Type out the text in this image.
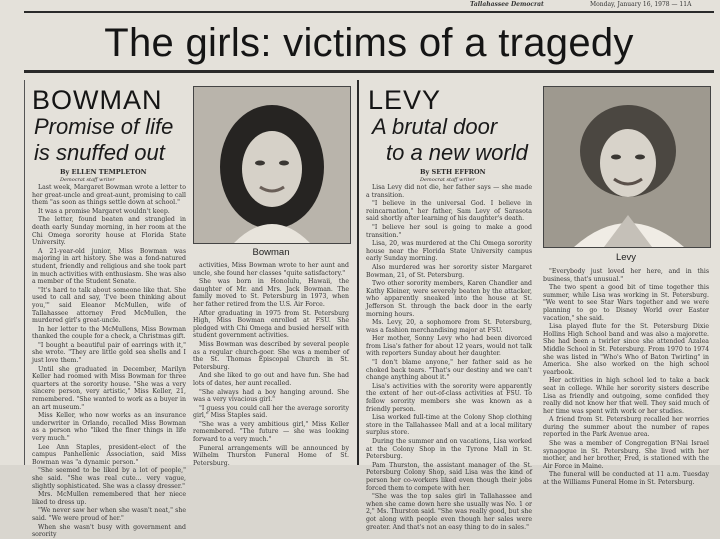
Tallahassee Democrat	Monday, January 16, 1978 — 11A
The girls: victims of a tragedy
BOWMAN
Promise of life
is snuffed out
By ELLEN TEMPLETON
Democrat staff writer

Last week, Margaret Bowman wrote a letter to her great-uncle and great-aunt, promising to call them "as soon as things settle down at school."

It was a promise Margaret wouldn't keep.

The letter, found beaten and strangled in death early Sunday morning, in her room at the Chi Omega sorority house at Florida State University.

A 21-year-old junior, Miss Bowman was majoring in art history. She was a fond-natured student, friendly and religious and she took part in much activities with enthusiasm. She was also a member of the Student Senate.

"It's hard to talk about someone like that. She used to call and say, 'I've been thinking about you,'" said Eleanor McMullen, wife of Tallahassee attorney Fred McMullen, the murdered girl's great-uncle.

In her letter to the McMullens, Miss Bowman thanked the couple for a check, a Christmas gift.

"I bought a beautiful pair of earrings with it," she wrote. "They are little gold sea shells and I just love them."

Until she graduated in December, Marilyn Keller had roomed with Miss Bowman for three quarters at the sorority house. "She was a very sincere person, very artistic," Miss Keller, 21, remembered. "She wanted to work as a buyer in an art museum."

Miss Keller, who now works as an insurance underwriter in Orlando, recalled Miss Bowman as a person who "liked the finer things in life very much."

Lee Ann Staples, president-elect of the campus Panhellenic Association, said Miss Bowman was "a dynamic person."

"She seemed to be liked by a lot of people," she said. "She was real cute... very vague, slightly sophisticated. She was a classy dresser."

Mrs. McMullen remembered that her niece liked to dress up.

"We never saw her when she wasn't neat," she said. "We were proud of her."

When she wasn't busy with government and sorority

Bowman

activities, Miss Bowman wrote to her aunt and uncle, she found her classes "quite satisfactory."

She was born in Honolulu, Hawaii, the daughter of Mr. and Mrs. Jack Bowman. The family moved to St. Petersburg in 1973, when her father retired from the U.S. Air Force.

After graduating in 1975 from St. Petersburg High, Miss Bowman enrolled at FSU. She pledged with Chi Omega and busied herself with student government activities.

Miss Bowman was described by several people as a regular church-goer. She was a member of the St. Thomas Episcopal Church in St. Petersburg.

And she liked to go out and have fun. She had lots of dates, her aunt recalled.

"She always had a boy hanging around. She was a very vivacious girl."

"I guess you could call her the average sorority girl," Miss Staples said.

"She was a very ambitious girl," Miss Keller remembered. "The future — she was looking forward to a very much."

Funeral arrangements will be announced by Wilhelm Thurston Funeral Home of St. Petersburg.

LEVY
A brutal door
to a new world
By SETH EFFRON
Democrat staff writer

Lisa Levy did not die, her father says — she made a transition.

"I believe in the universal God. I believe in reincarnation," her father, Sam Levy of Sarasota said shortly after learning of his daughter's death.

"I believe her soul is going to make a good transition."

Lisa, 20, was murdered at the Chi Omega sorority house near the Florida State University campus early Sunday morning.

Also murdered was her sorority sister Margaret Bowman, 21, of St. Petersburg.

Two other sorority members, Karen Chandler and Kathy Kleiner, were severely beaten by the attacker, who apparently sneaked into the house at St. Jefferson St. through the back door in the early morning hours.

Ms. Levy, 20, a sophomore from St. Petersburg, was a fashion merchandising major at FSU.

Her mother, Sonny Levy who had been divorced from Lisa's father for about 12 years, would not talk with reporters Sunday about her daughter.

"I don't blame anyone," her father said as he choked back tears. "That's our destiny and we can't change anything about it."

Lisa's activities with the sorority were apparently the extent of her out-of-class activities at FSU. To fellow sorority members she was known as a friendly person.

Lisa worked full-time at the Colony Shop clothing store in the Tallahassee Mall and at a local military surplus store.

During the summer and on vacations, Lisa worked at the Colony Shop in the Tyrone Mall in St. Petersburg.

Pam Thurston, the assistant manager of the St. Petersburg Colony Shop, said Lisa was the kind of person her co-workers liked even though their jobs forced them to compete with her.

"She was the top sales girl in Tallahassee and when she came down here she usually was No. 1 or 2," Ms. Thurston said. "She was really good, but she got along with people even though her sales were greater. And that's not an easy thing to do in sales."

Levy

"Everybody just loved her here, and in this business, that's unusual."

The two spent a good bit of time together this summer, while Lisa was working in St. Petersburg. "We went to see Star Wars together and we were planning to go to Disney World over Easter vacation," she said.

Lisa played flute for the St. Petersburg Dixie Hollins High School band and was also a majorette. She had been a twirler since she attended Azalea Middle School in St. Petersburg. From 1970 to 1974 she was listed in "Who's Who of Baton Twirling" in America. She also worked on the high school yearbook.

Her activities in high school led to take a back seat in college. While her sorority sisters describe Lisa as friendly and outgoing, some confided they really did not know her that well. They said much of her time was spent with work or her studies.

A friend from St. Petersburg recalled her worries during the summer about the number of rapes reported in the Park Avenue area.

She was a member of Congregation B'Nai Israel synagogue in St. Petersburg. She lived with her mother, and her brother, Fred, is stationed with the Air Force in Maine.

The funeral will be conducted at 11 a.m. Tuesday at the Williams Funeral Home in St. Petersburg.
